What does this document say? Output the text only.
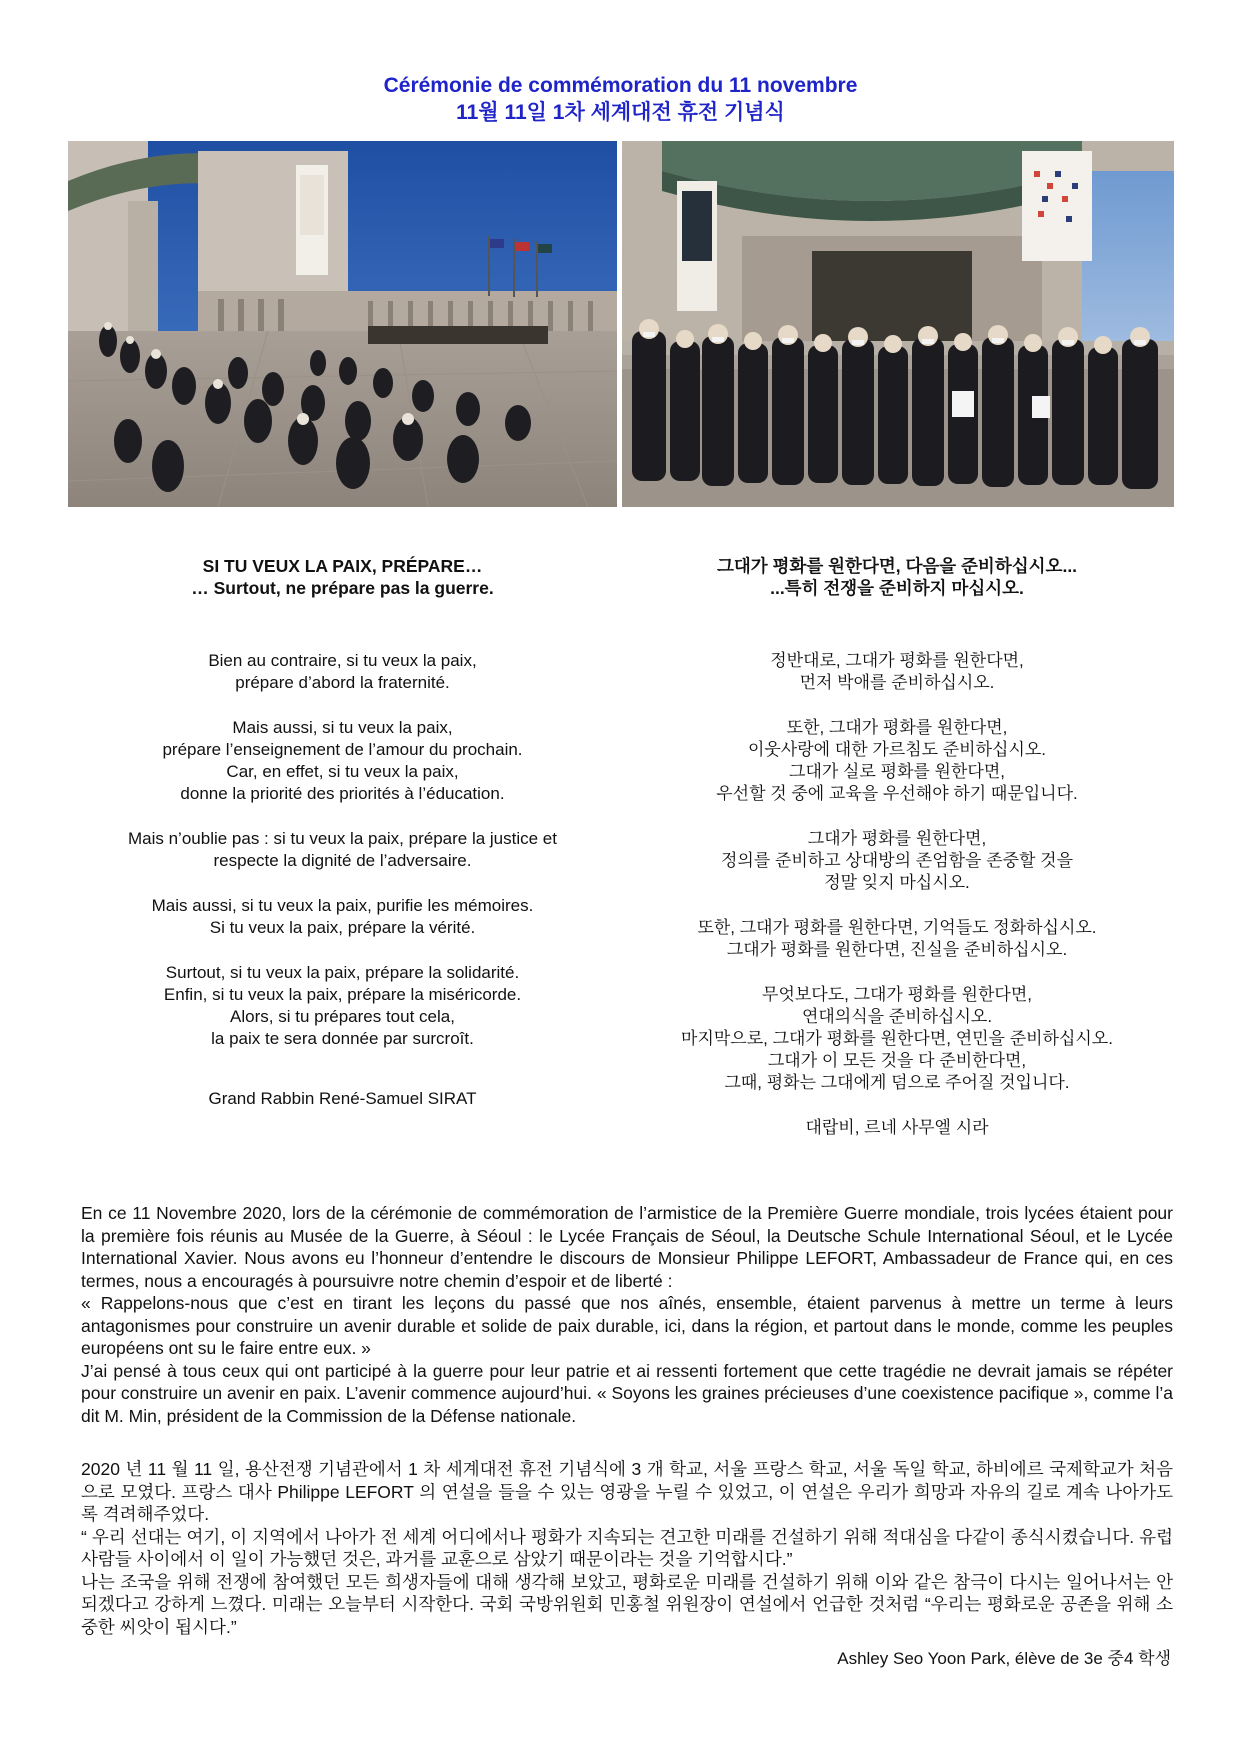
Cérémonie de commémoration du 11 novembre
11월 11일 1차 세계대전 휴전 기념식
SI TU VEUX LA PAIX, PRÉPARE…
… Surtout, ne prépare pas la guerre.
Bien au contraire, si tu veux la paix,
prépare d’abord la fraternité.
Mais aussi, si tu veux la paix,
prépare l’enseignement de l’amour du prochain.
Car, en effet, si tu veux la paix,
donne la priorité des priorités à l’éducation.
Mais n’oublie pas : si tu veux la paix, prépare la justice et
respecte la dignité de l’adversaire.
Mais aussi, si tu veux la paix, purifie les mémoires.
Si tu veux la paix, prépare la vérité.
Surtout, si tu veux la paix, prépare la solidarité.
Enfin, si tu veux la paix, prépare la miséricorde.
Alors, si tu prépares tout cela,
la paix te sera donnée par surcroît.
Grand Rabbin René-Samuel SIRAT
그대가 평화를 원한다면, 다음을 준비하십시오...
...특히 전쟁을 준비하지 마십시오.
정반대로, 그대가 평화를 원한다면,
먼저 박애를 준비하십시오.
또한, 그대가 평화를 원한다면,
이웃사랑에 대한 가르침도 준비하십시오.
그대가 실로 평화를 원한다면,
우선할 것 중에 교육을 우선해야 하기 때문입니다.
그대가 평화를 원한다면,
정의를 준비하고 상대방의 존엄함을 존중할 것을
정말 잊지 마십시오.
또한, 그대가 평화를 원한다면, 기억들도 정화하십시오.
그대가 평화를 원한다면, 진실을 준비하십시오.
무엇보다도, 그대가 평화를 원한다면,
연대의식을 준비하십시오.
마지막으로, 그대가 평화를 원한다면, 연민을 준비하십시오.
그대가 이 모든 것을 다 준비한다면,
그때, 평화는 그대에게 덤으로 주어질 것입니다.
대랍비, 르네 사무엘 시라
En ce 11 Novembre 2020, lors de la cérémonie de commémoration de l’armistice de la Première Guerre mondiale, trois lycées étaient pour la première fois réunis au Musée de la Guerre, à Séoul : le Lycée Français de Séoul, la Deutsche Schule International Séoul, et le Lycée International Xavier. Nous avons eu l’honneur d’entendre le discours de Monsieur Philippe LEFORT, Ambassadeur de France qui, en ces termes, nous a encouragés à poursuivre notre chemin d’espoir et de liberté :
« Rappelons-nous que c’est en tirant les leçons du passé que nos aînés, ensemble, étaient parvenus à mettre un terme à leurs antagonismes pour construire un avenir durable et solide de paix durable, ici, dans la région, et partout dans le monde, comme les peuples européens ont su le faire entre eux. »
J’ai pensé à tous ceux qui ont participé à la guerre pour leur patrie et ai ressenti fortement que cette tragédie ne devrait jamais se répéter pour construire un avenir en paix. L’avenir commence aujourd’hui. « Soyons les graines précieuses d’une coexistence pacifique », comme l’a dit M. Min, président de la Commission de la Défense nationale.
2020 년 11 월 11 일, 용산전쟁 기념관에서 1 차 세계대전 휴전 기념식에 3 개 학교, 서울 프랑스 학교, 서울 독일 학교, 하비에르 국제학교가 처음으로 모였다. 프랑스 대사 Philippe LEFORT 의 연설을 들을 수 있는 영광을 누릴 수 있었고, 이 연설은 우리가 희망과 자유의 길로 계속 나아가도록 격려해주었다.
“ 우리 선대는 여기, 이 지역에서 나아가 전 세계 어디에서나 평화가 지속되는 견고한 미래를 건설하기 위해 적대심을 다같이 종식시켰습니다. 유럽 사람들 사이에서 이 일이 가능했던 것은, 과거를 교훈으로 삼았기 때문이라는 것을 기억합시다.”
나는 조국을 위해 전쟁에 참여했던 모든 희생자들에 대해 생각해 보았고, 평화로운 미래를 건설하기 위해 이와 같은 참극이 다시는 일어나서는 안 되겠다고 강하게 느꼈다. 미래는 오늘부터 시작한다. 국회 국방위원회 민홍철 위원장이 연설에서 언급한 것처럼 “우리는 평화로운 공존을 위해 소중한 씨앗이 됩시다.”
Ashley Seo Yoon Park, élève de 3e 중4 학생
